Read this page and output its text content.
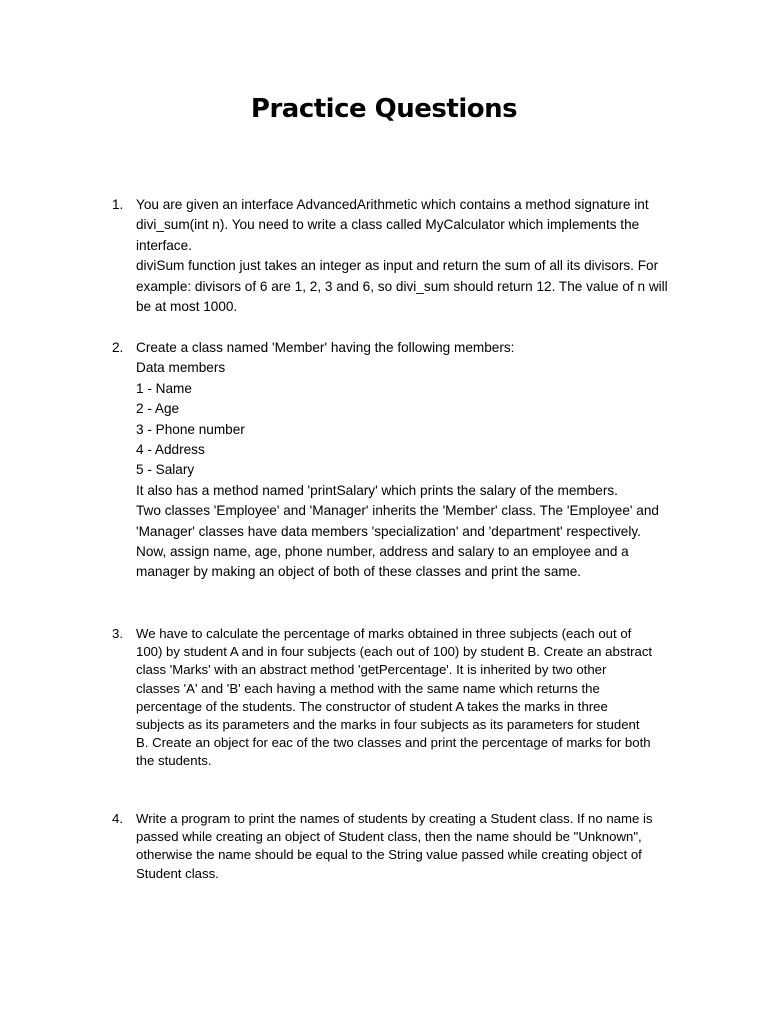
Practice Questions
1. You are given an interface AdvancedArithmetic which contains a method signature int
divi_sum(int n). You need to write a class called MyCalculator which implements the
interface.
diviSum function just takes an integer as input and return the sum of all its divisors. For
example: divisors of 6 are 1, 2, 3 and 6, so divi_sum should return 12. The value of n will
be at most 1000.
2. Create a class named 'Member' having the following members:
Data members
1 - Name
2 - Age
3 - Phone number
4 - Address
5 - Salary
It also has a method named 'printSalary' which prints the salary of the members.
Two classes 'Employee' and 'Manager' inherits the 'Member' class. The 'Employee' and
'Manager' classes have data members 'specialization' and 'department' respectively.
Now, assign name, age, phone number, address and salary to an employee and a
manager by making an object of both of these classes and print the same.
3. We have to calculate the percentage of marks obtained in three subjects (each out of
100) by student A and in four subjects (each out of 100) by student B. Create an abstract
class 'Marks' with an abstract method 'getPercentage'. It is inherited by two other
classes 'A' and 'B' each having a method with the same name which returns the
percentage of the students. The constructor of student A takes the marks in three
subjects as its parameters and the marks in four subjects as its parameters for student
B. Create an object for eac of the two classes and print the percentage of marks for both
the students.
4. Write a program to print the names of students by creating a Student class. If no name is
passed while creating an object of Student class, then the name should be "Unknown",
otherwise the name should be equal to the String value passed while creating object of
Student class.
